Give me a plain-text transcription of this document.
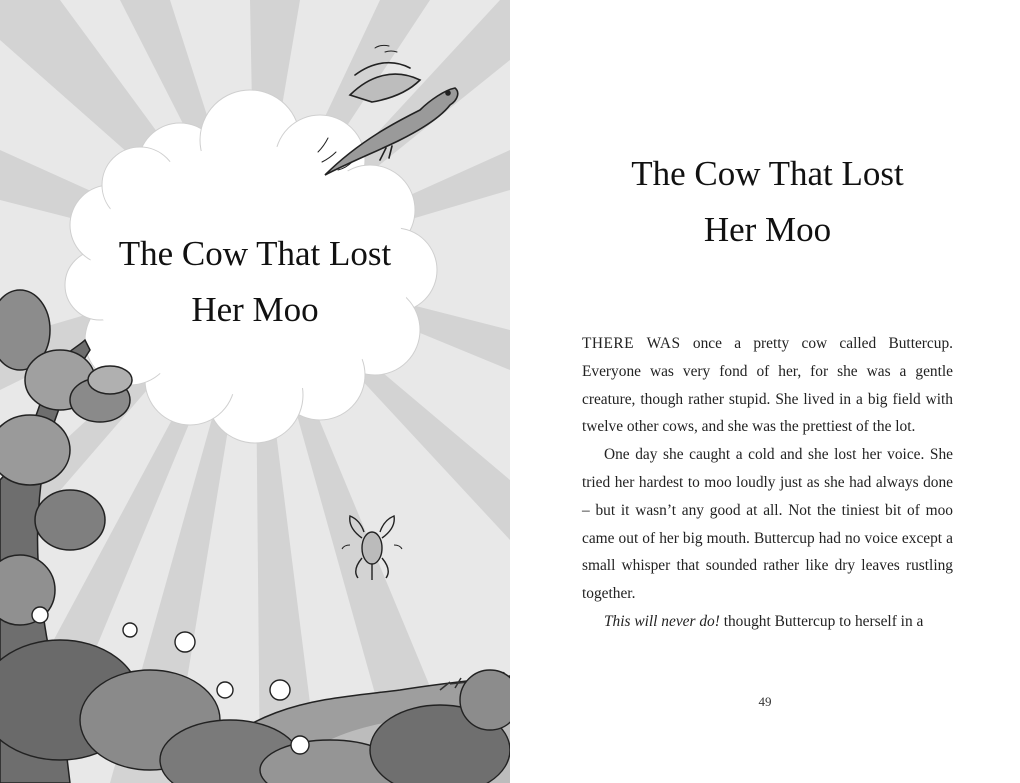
The Cow That Lost
Her Moo
The Cow That Lost
Her Moo

THERE WAS once a pretty cow called Buttercup. Everyone was very fond of her, for she was a gentle creature, though rather stupid. She lived in a big field with twelve other cows, and she was the prettiest of the lot.

One day she caught a cold and she lost her voice. She tried her hardest to moo loudly just as she had always done – but it wasn’t any good at all. Not the tiniest bit of moo came out of her big mouth. Buttercup had no voice except a small whisper that sounded rather like dry leaves rustling together.

This will never do! thought Buttercup to herself in a

49
